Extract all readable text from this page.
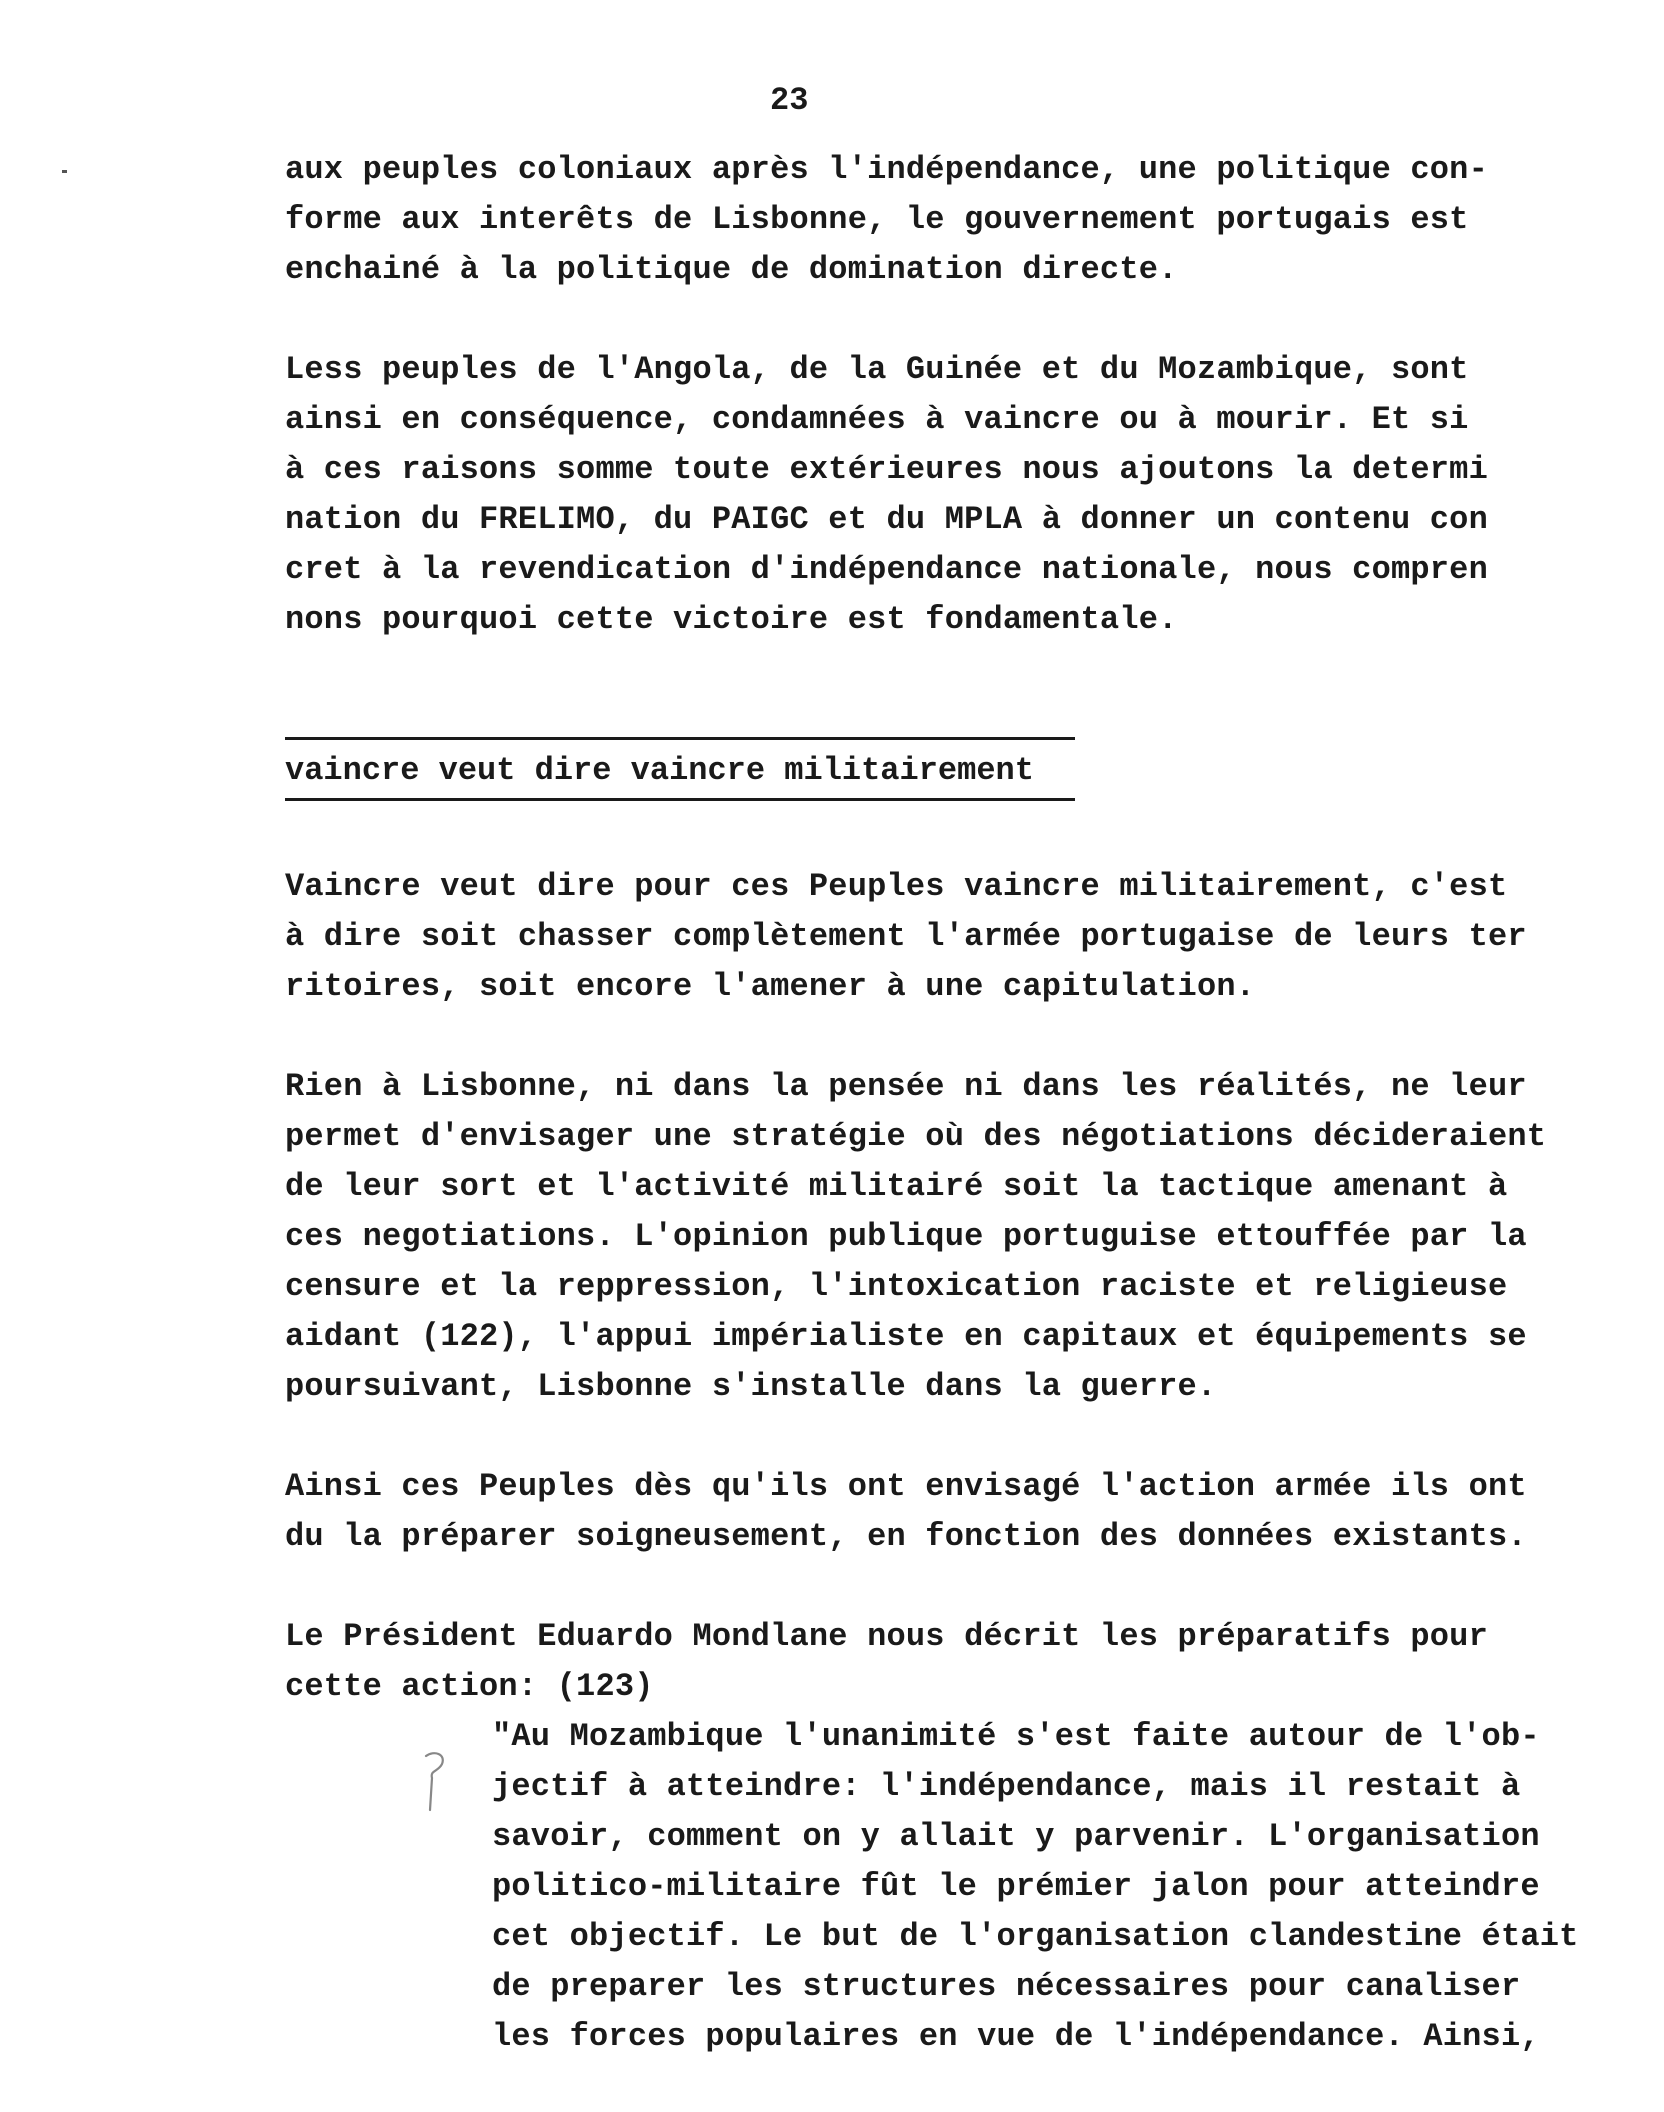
23
aux peuples coloniaux après l'indépendance, une politique con-
forme aux interêts de Lisbonne, le gouvernement portugais est
enchainé à la politique de domination directe.
Less peuples de l'Angola, de la Guinée et du Mozambique, sont
ainsi en conséquence, condamnées à vaincre ou à mourir. Et si
à ces raisons somme toute extérieures nous ajoutons la determi
nation du FRELIMO, du PAIGC et du MPLA à donner un contenu con
cret à la revendication d'indépendance nationale, nous compren
nons pourquoi cette victoire est fondamentale.
vaincre veut dire vaincre militairement
Vaincre veut dire pour ces Peuples vaincre militairement, c'est
à dire soit chasser complètement l'armée portugaise de leurs ter
ritoires, soit encore l'amener à une capitulation.
Rien à Lisbonne, ni dans la pensée ni dans les réalités, ne leur
permet d'envisager une stratégie où des négotiations décideraient
de leur sort et l'activité militairé soit la tactique amenant à
ces negotiations. L'opinion publique portuguise ettouffée par la
censure et la reppression, l'intoxication raciste et religieuse
aidant (122), l'appui impérialiste en capitaux et équipements se
poursuivant, Lisbonne s'installe dans la guerre.
Ainsi ces Peuples dès qu'ils ont envisagé l'action armée ils ont
du la préparer soigneusement, en fonction des données existants.
Le Président Eduardo Mondlane nous décrit les préparatifs pour
cette action: (123)
"Au Mozambique l'unanimité s'est faite autour de l'ob-
jectif à atteindre: l'indépendance, mais il restait à
savoir, comment on y allait y parvenir. L'organisation
politico-militaire fût le prémier jalon pour atteindre
cet objectif. Le but de l'organisation clandestine était
de preparer les structures nécessaires pour canaliser
les forces populaires en vue de l'indépendance. Ainsi,
